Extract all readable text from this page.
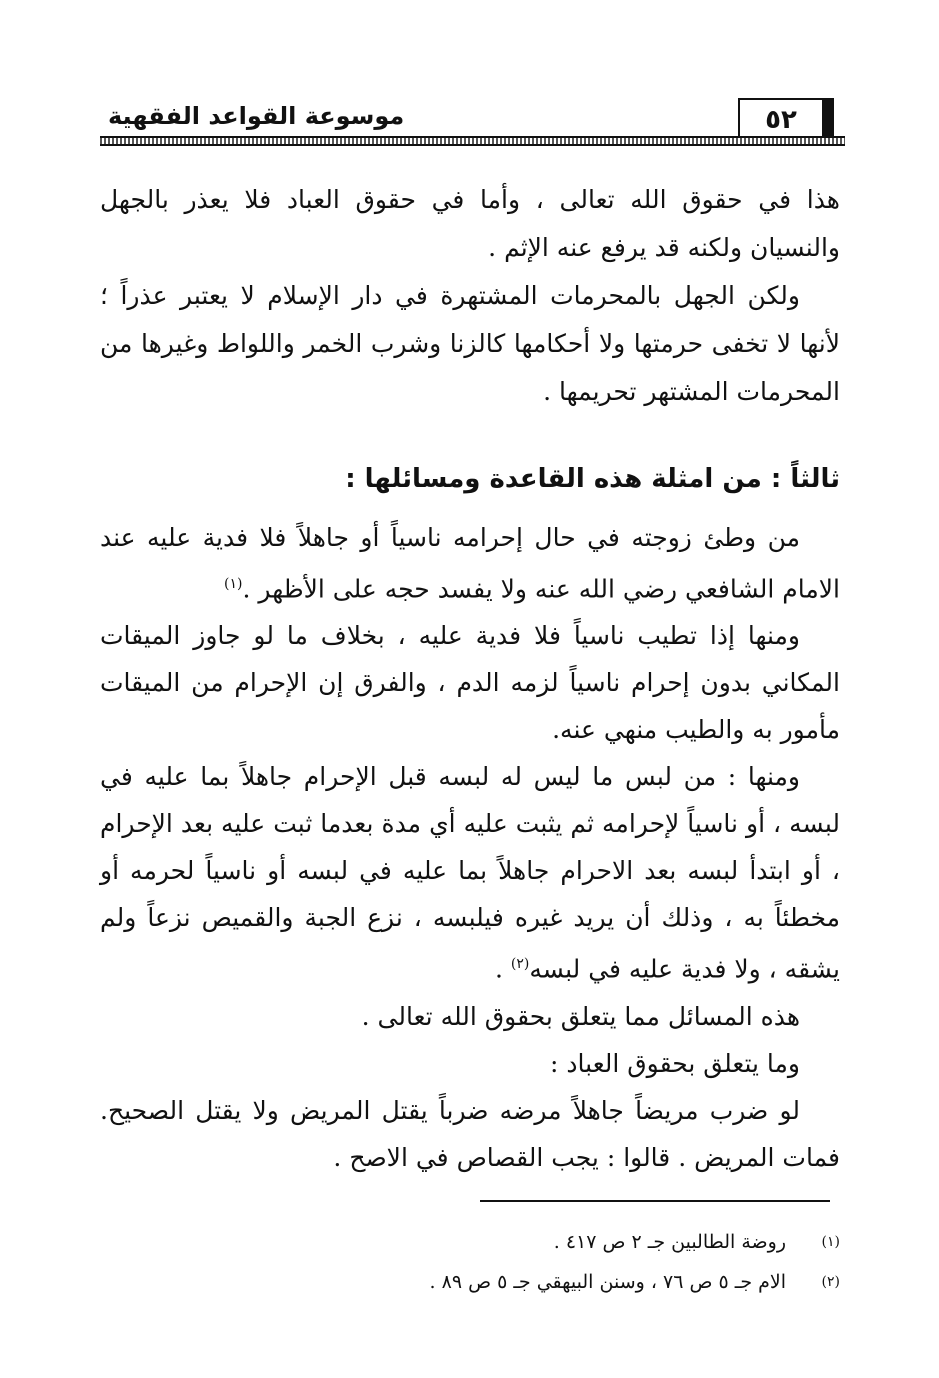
موسوعة القواعد الفقهية	٥٢

هذا في حقوق الله تعالى ، وأما في حقوق العباد فلا يعذر بالجهل والنسيان ولكنه قد يرفع عنه الإثم .

ولكن الجهل بالمحرمات المشتهرة في دار الإسلام لا يعتبر عذراً ؛ لأنها لا تخفى حرمتها ولا أحكامها كالزنا وشرب الخمر واللواط وغيرها من المحرمات المشتهر تحريمها .

ثالثاً : من امثلة هذه القاعدة ومسائلها :

من وطئ زوجته في حال إحرامه ناسياً أو جاهلاً فلا فدية عليه عند الامام الشافعي رضي الله عنه ولا يفسد حجه على الأظهر .$^{(١)}$

ومنها إذا تطيب ناسياً فلا فدية عليه ، بخلاف ما لو جاوز الميقات المكاني بدون إحرام ناسياً لزمه الدم ، والفرق إن الإحرام من الميقات مأمور به والطيب منهي عنه.

ومنها : من لبس ما ليس له لبسه قبل الإحرام جاهلاً بما عليه في لبسه ، أو ناسياً لإحرامه ثم يثبت عليه أي مدة بعدما ثبت عليه بعد الإحرام ، أو ابتدأ لبسه بعد الاحرام جاهلاً بما عليه في لبسه أو ناسياً لحرمه أو مخطئاً به ، وذلك أن يريد غيره فيلبسه ، نزع الجبة والقميص نزعاً ولم يشقه ، ولا فدية عليه في لبسه$^{(٢)}$ .

هذه المسائل مما يتعلق بحقوق الله تعالى .

وما يتعلق بحقوق العباد :

لو ضرب مريضاً جاهلاً مرضه ضرباً يقتل المريض ولا يقتل الصحيح. فمات المريض . قالوا : يجب القصاص في الاصح .

(١)
روضة الطالبين جـ ٢ ص ٤١٧ .
(٢)
الام جـ ٥ ص ٧٦ ، وسنن البيهقي جـ ٥ ص ٨٩ .
